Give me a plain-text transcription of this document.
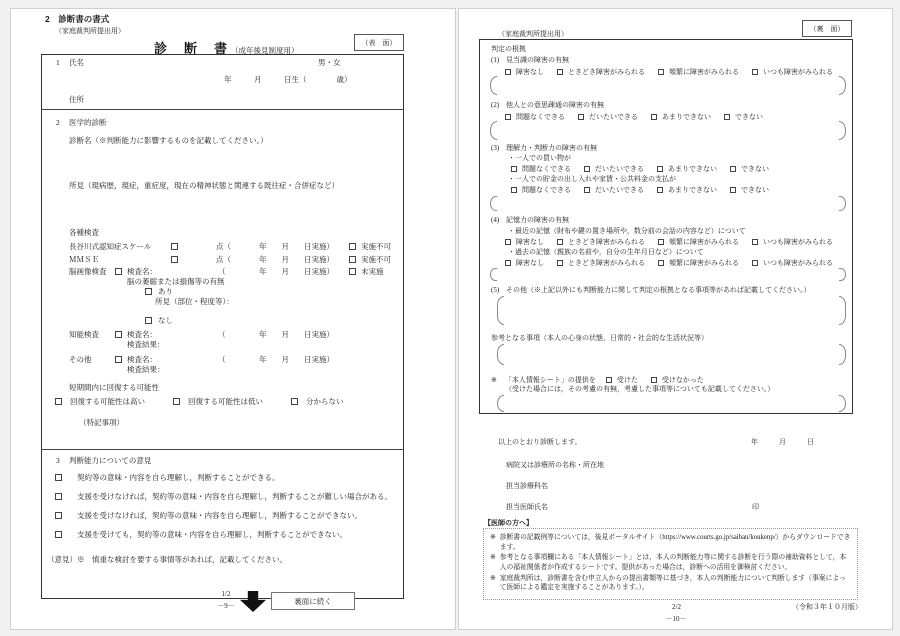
2　診断書の書式
（家庭裁判所提出用）
診　断　書 （成年後見制度用）
（表　面）
1 氏名	男・女
年　　　月　　　日生（　　　　歳）
住所
2 医学的診断
診断名（※判断能力に影響するものを記載してください。）
所見（現病歴，現症，重症度，現在の精神状態と関連する既往症・合併症など）
各種検査
長谷川式認知症スケール	点（	年　　月　　日実施）	実施不可
ＭＭＳＥ	点（	年　　月　　日実施）	実施不可
脳画像検査	検査名：	（	年　　月　　日実施）	未実施
脳の萎縮または損傷等の有無
あり
所見（部位・程度等）：
なし
知能検査	検査名：	（	年　　月　　日実施）
検査結果：
その他	検査名：	（	年　　月　　日実施）
検査結果：
短期間内に回復する可能性
回復する可能性は高い	回復する可能性は低い	分からない
（特記事項）
3 判断能力についての意見
契約等の意味・内容を自ら理解し，判断することができる。
支援を受けなければ，契約等の意味・内容を自ら理解し，判断することが難しい場合がある。
支援を受けなければ，契約等の意味・内容を自ら理解し，判断することができない。
支援を受けても，契約等の意味・内容を自ら理解し，判断することができない。
（意見）※　慎重な検討を要する事情等があれば，記載してください。
1/2
－9－
裏面に続く
（家庭裁判所提出用）
（裏　面）
判定の根拠
(1) 見当識の障害の有無
障害なし	ときどき障害がみられる	頻繁に障害がみられる	いつも障害がみられる
(2) 他人との意思疎通の障害の有無
問題なくできる	だいたいできる	あまりできない	できない
(3) 理解力・判断力の障害の有無
・一人での買い物が
問題なくできる	だいたいできる	あまりできない	できない
・一人での貯金の出し入れや家賃・公共料金の支払が
問題なくできる	だいたいできる	あまりできない	できない
(4) 記憶力の障害の有無
・最近の記憶（財布や鍵の置き場所や，数分前の会話の内容など）について
障害なし	ときどき障害がみられる	頻繁に障害がみられる	いつも障害がみられる
・過去の記憶（親族の名前や，自分の生年月日など）について
障害なし	ときどき障害がみられる	頻繁に障害がみられる	いつも障害がみられる
(5) その他（※上記以外にも判断能力に関して判定の根拠となる事項等があれば記載してください。）
参考となる事項（本人の心身の状態，日常的・社会的な生活状況等）
※ 「本人情報シート」の提供を	受けた	受けなかった
（受けた場合には，その考慮の有無，考慮した事項等についても記載してください。）
以上のとおり診断します。	年　　　月　　　日
病院又は診療所の名称・所在地
担当診療科名
担当医師氏名	印
【医師の方へ】
※ 診断書の記載例等については，後見ポータルサイト（https://www.courts.go.jp/saiban/koukenp/）からダウンロードできます。
※ 参考となる事項欄にある「本人情報シート」とは，本人の判断能力等に関する診断を行う際の補助資料として，本人の福祉関係者が作成するシートです。提供があった場合は，診断への活用を御検討ください。
※ 家庭裁判所は，診断書を含む申立人からの提出書類等に基づき，本人の判断能力について判断します（事案によって医師による鑑定を実施することがあります。）。
2/2	（令和３年１０月版）
－10－
